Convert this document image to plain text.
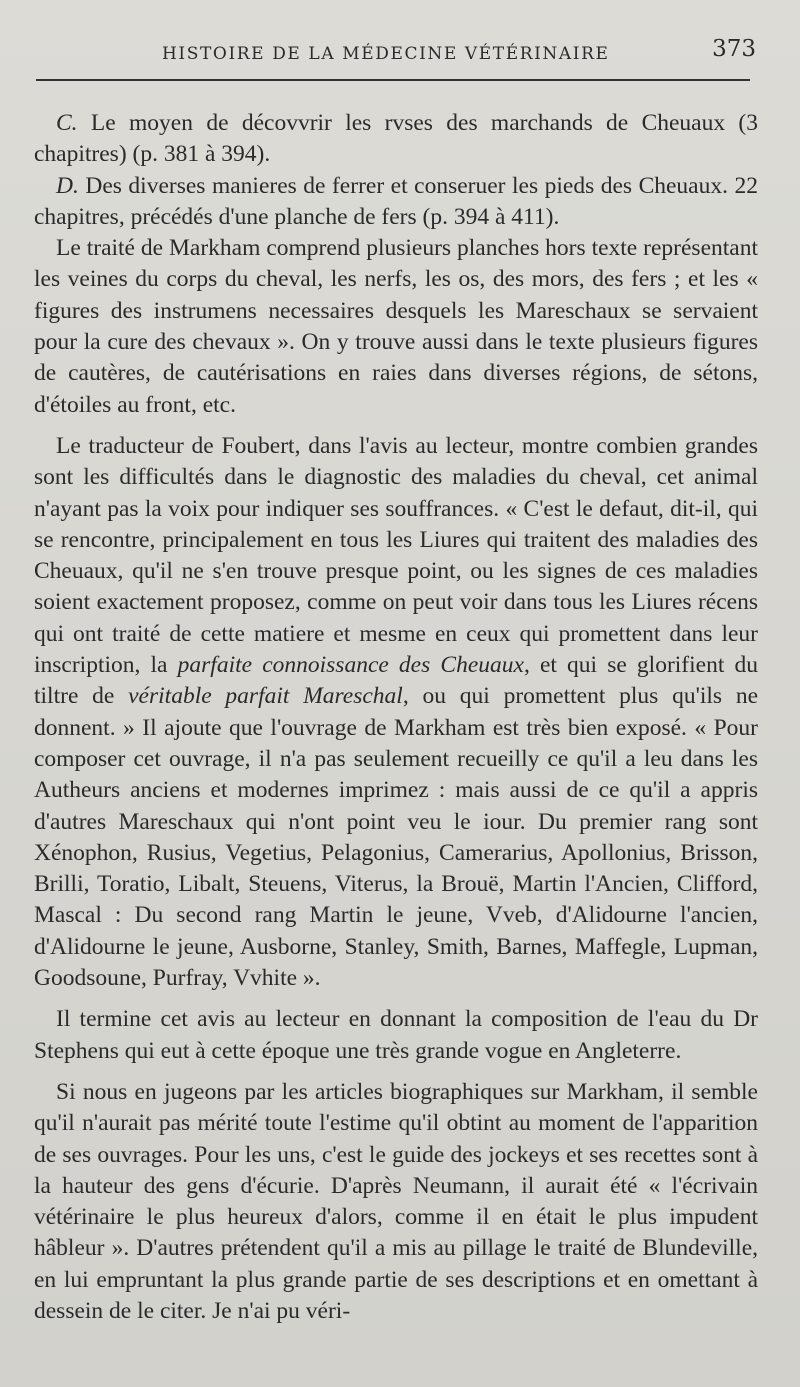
HISTOIRE DE LA MÉDECINE VÉTÉRINAIRE	373

C. Le moyen de décovvrir les rvses des marchands de Cheuaux (3 chapitres) (p. 381 à 394).

D. Des diverses manieres de ferrer et conseruer les pieds des Cheuaux. 22 chapitres, précédés d'une planche de fers (p. 394 à 411).

Le traité de Markham comprend plusieurs planches hors texte représentant les veines du corps du cheval, les nerfs, les os, des mors, des fers ; et les « figures des instrumens necessaires desquels les Mareschaux se servaient pour la cure des chevaux ». On y trouve aussi dans le texte plusieurs figures de cautères, de cautérisations en raies dans diverses régions, de sétons, d'étoiles au front, etc.

Le traducteur de Foubert, dans l'avis au lecteur, montre combien grandes sont les difficultés dans le diagnostic des maladies du cheval, cet animal n'ayant pas la voix pour indiquer ses souffrances. « C'est le defaut, dit-il, qui se rencontre, principalement en tous les Liures qui traitent des maladies des Cheuaux, qu'il ne s'en trouve presque point, ou les signes de ces maladies soient exactement proposez, comme on peut voir dans tous les Liures récens qui ont traité de cette matiere et mesme en ceux qui promettent dans leur inscription, la parfaite connoissance des Cheuaux, et qui se glorifient du tiltre de véritable parfait Mareschal, ou qui promettent plus qu'ils ne donnent. » Il ajoute que l'ouvrage de Markham est très bien exposé. « Pour composer cet ouvrage, il n'a pas seulement recueilly ce qu'il a leu dans les Autheurs anciens et modernes imprimez : mais aussi de ce qu'il a appris d'autres Mareschaux qui n'ont point veu le iour. Du premier rang sont Xénophon, Rusius, Vegetius, Pelagonius, Camerarius, Apollonius, Brisson, Brilli, Toratio, Libalt, Steuens, Viterus, la Brouë, Martin l'Ancien, Clifford, Mascal : Du second rang Martin le jeune, Vveb, d'Alidourne l'ancien, d'Alidourne le jeune, Ausborne, Stanley, Smith, Barnes, Maffegle, Lupman, Goodsoune, Purfray, Vvhite ».

Il termine cet avis au lecteur en donnant la composition de l'eau du Dr Stephens qui eut à cette époque une très grande vogue en Angleterre.

Si nous en jugeons par les articles biographiques sur Markham, il semble qu'il n'aurait pas mérité toute l'estime qu'il obtint au moment de l'apparition de ses ouvrages. Pour les uns, c'est le guide des jockeys et ses recettes sont à la hauteur des gens d'écurie. D'après Neumann, il aurait été « l'écrivain vétérinaire le plus heureux d'alors, comme il en était le plus impudent hâbleur ». D'autres prétendent qu'il a mis au pillage le traité de Blundeville, en lui empruntant la plus grande partie de ses descriptions et en omettant à dessein de le citer. Je n'ai pu véri-
